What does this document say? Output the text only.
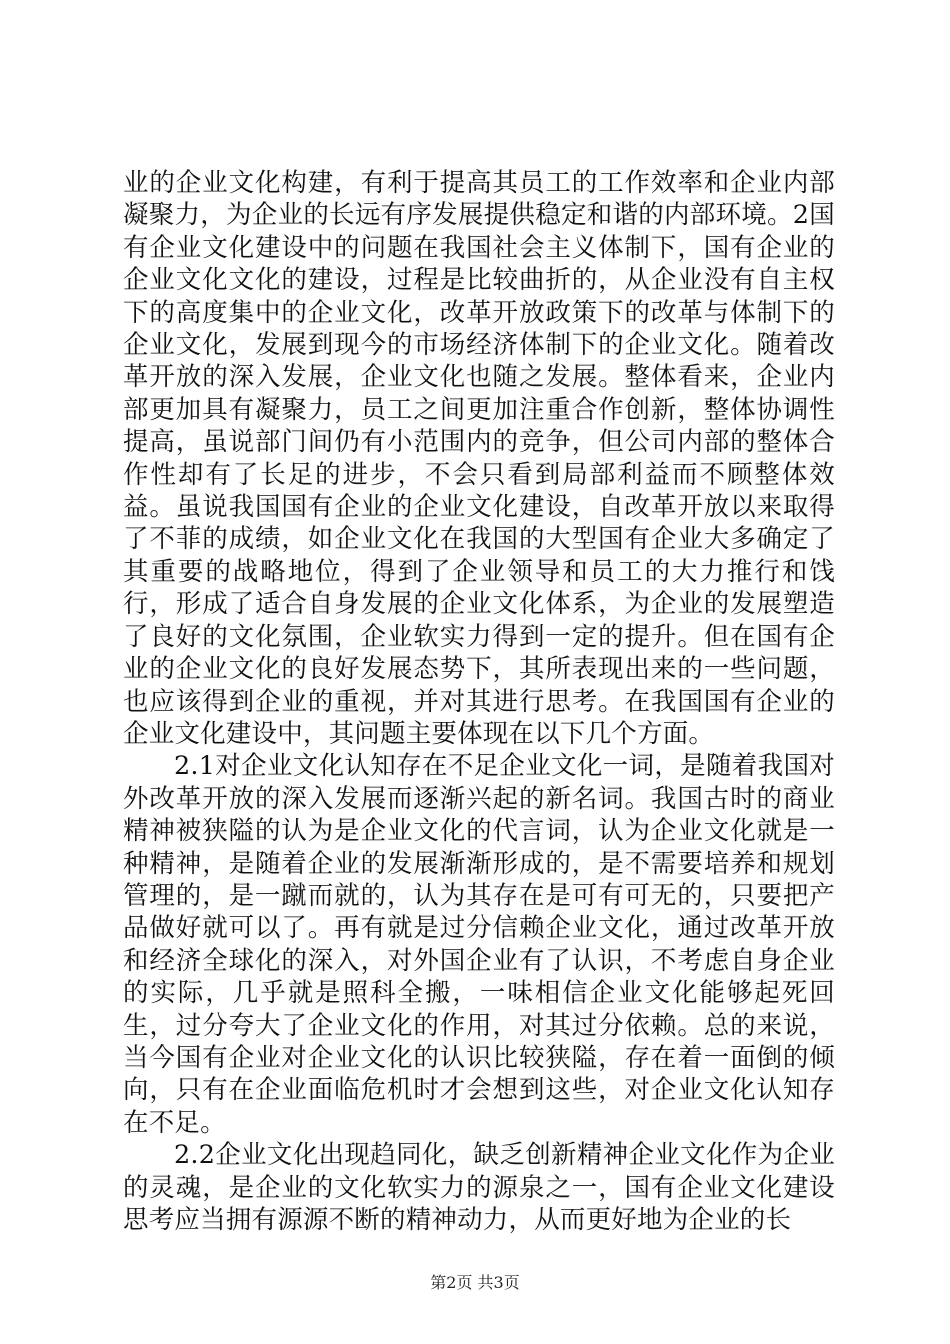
业的企业文化构建，有利于提高其员工的工作效率和企业内部凝聚力，为企业的长远有序发展提供稳定和谐的内部环境。2国有企业文化建设中的问题在我国社会主义体制下，国有企业的企业文化文化的建设，过程是比较曲折的，从企业没有自主权下的高度集中的企业文化，改革开放政策下的改革与体制下的企业文化，发展到现今的市场经济体制下的企业文化。随着改革开放的深入发展，企业文化也随之发展。整体看来，企业内部更加具有凝聚力，员工之间更加注重合作创新，整体协调性提高，虽说部门间仍有小范围内的竞争，但公司内部的整体合作性却有了长足的进步，不会只看到局部利益而不顾整体效益。虽说我国国有企业的企业文化建设，自改革开放以来取得了不菲的成绩，如企业文化在我国的大型国有企业大多确定了其重要的战略地位，得到了企业领导和员工的大力推行和饯行，形成了适合自身发展的企业文化体系，为企业的发展塑造了良好的文化氛围，企业软实力得到一定的提升。但在国有企业的企业文化的良好发展态势下，其所表现出来的一些问题，也应该得到企业的重视，并对其进行思考。在我国国有企业的企业文化建设中，其问题主要体现在以下几个方面。

2.1对企业文化认知存在不足企业文化一词，是随着我国对外改革开放的深入发展而逐渐兴起的新名词。我国古时的商业精神被狭隘的认为是企业文化的代言词，认为企业文化就是一种精神，是随着企业的发展渐渐形成的，是不需要培养和规划管理的，是一蹴而就的，认为其存在是可有可无的，只要把产品做好就可以了。再有就是过分信赖企业文化，通过改革开放和经济全球化的深入，对外国企业有了认识，不考虑自身企业的实际，几乎就是照科全搬，一味相信企业文化能够起死回生，过分夸大了企业文化的作用，对其过分依赖。总的来说，当今国有企业对企业文化的认识比较狭隘，存在着一面倒的倾向，只有在企业面临危机时才会想到这些，对企业文化认知存在不足。

2.2企业文化出现趋同化，缺乏创新精神企业文化作为企业的灵魂，是企业的文化软实力的源泉之一，国有企业文化建设思考应当拥有源源不断的精神动力，从而更好地为企业的长

第2页 共3页
